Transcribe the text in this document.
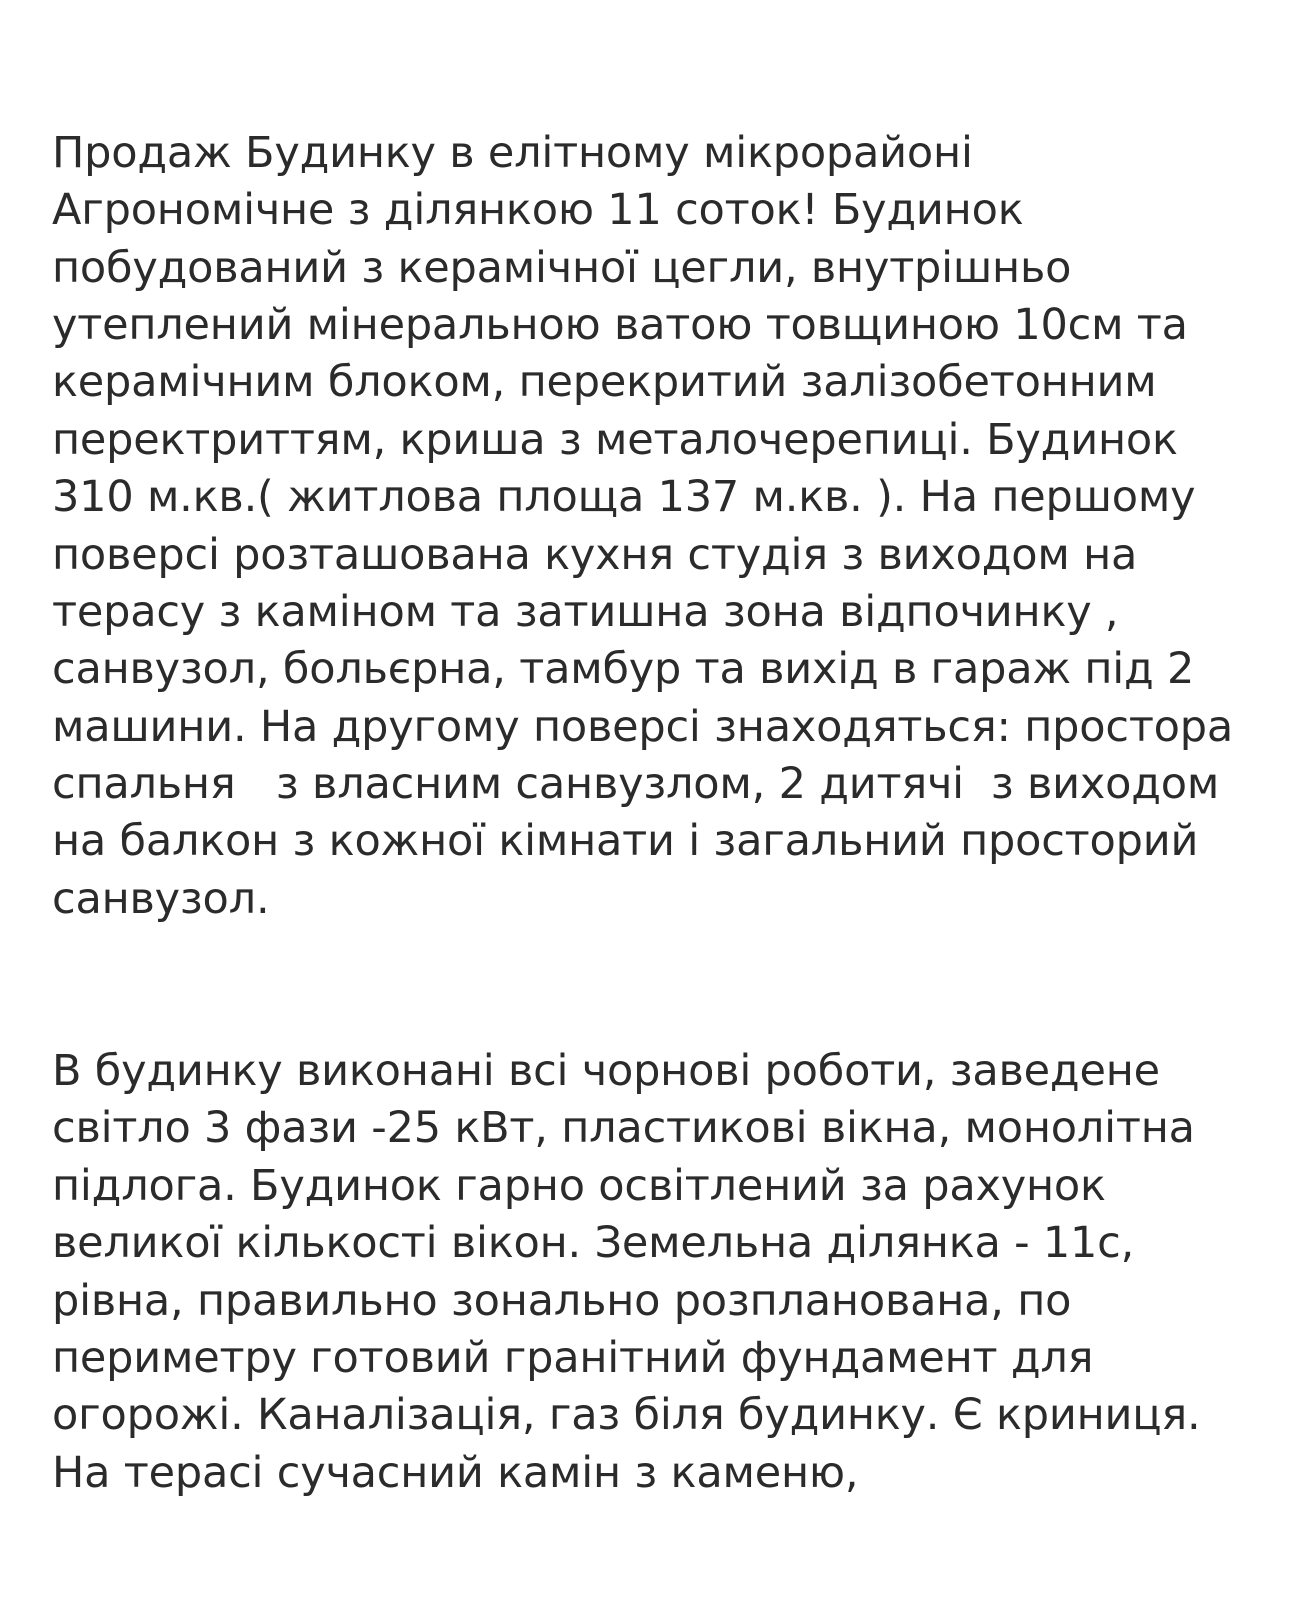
Продаж Будинку в елітному мікрорайоні Агрономічне з ділянкою 11 соток! Будинок побудований з керамічної цегли, внутрішньо утеплений мінеральною ватою товщиною 10см та керамічним блоком, перекритий залізобетонним перектриттям, криша з металочерепиці. Будинок 310 м.кв.( житлова площа 137 м.кв. ). На першому поверсі розташована кухня студія з виходом на терасу з каміном та затишна зона відпочинку , санвузол, больєрна, тамбур та вихід в гараж під 2 машини. На другому поверсі знаходяться: простора спальня   з власним санвузлом, 2 дитячі  з виходом на балкон з кожної кімнати і загальний просторий санвузол.

В будинку виконані всі чорнові роботи, заведене світло 3 фази -25 кВт, пластикові вікна, монолітна підлога. Будинок гарно освітлений за рахунок великої кількості вікон. Земельна ділянка - 11с, рівна, правильно зонально розпланована, по периметру готовий гранітний фундамент для огорожі. Каналізація, газ біля будинку. Є криниця. На терасі сучасний камін з каменю,
